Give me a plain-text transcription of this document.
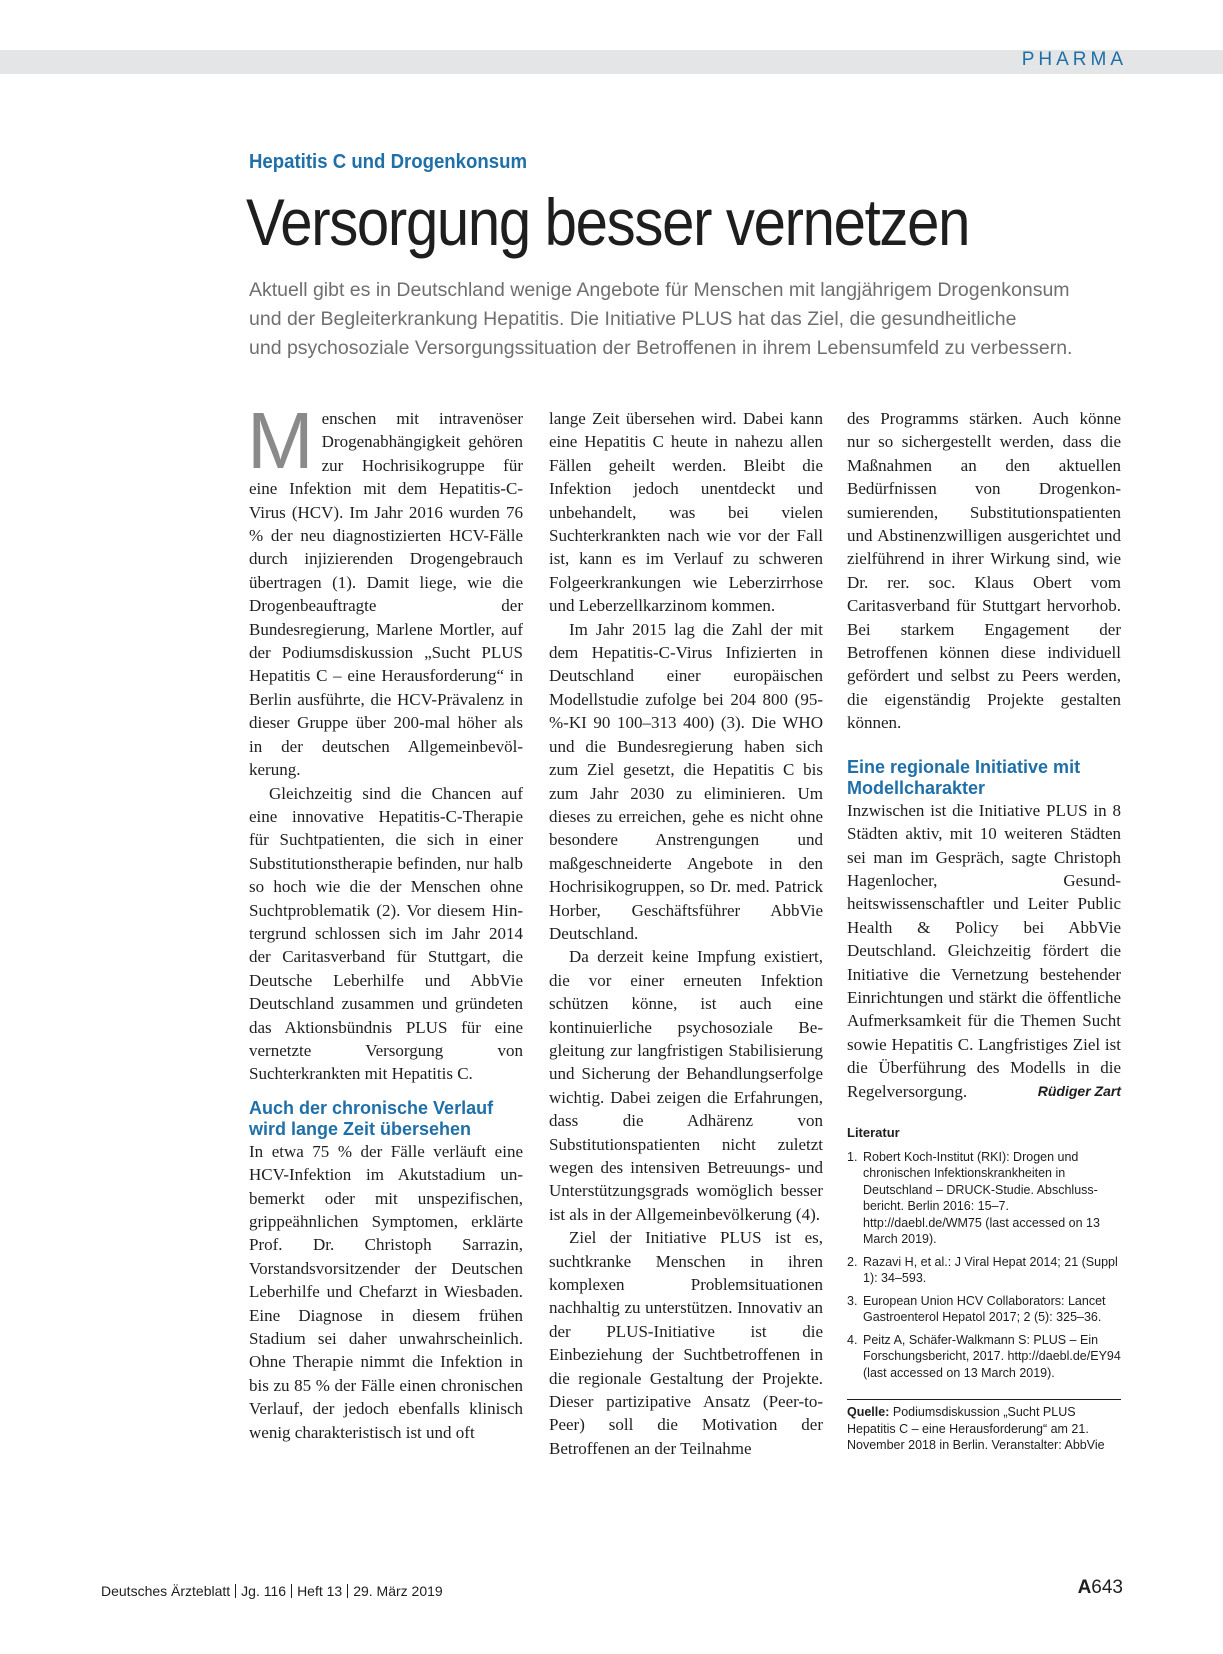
PHARMA
Hepatitis C und Drogenkonsum
Versorgung besser vernetzen
Aktuell gibt es in Deutschland wenige Angebote für Menschen mit langjährigem Drogenkonsum
und der Begleiterkrankung Hepatitis. Die Initiative PLUS hat das Ziel, die gesundheitliche
und psychosoziale Versorgungssituation der Betroffenen in ihrem Lebensumfeld zu verbessern.

Menschen mit intravenöser Drogenabhängigkeit gehören zur Hochrisikogruppe für eine Infektion mit dem Hepatitis-C-Virus (HCV). Im Jahr 2016 wurden 76 % der neu diagnostizierten HCV-Fälle durch injizierenden Drogengebrauch übertragen (1). Damit liege, wie die Drogenbeauftragte der Bundesregierung, Marlene Mortler, auf der Podiumsdiskussion „Sucht PLUS Hepatitis C – eine Herausforderung“ in Berlin ausführte, die HCV-Prävalenz in dieser Gruppe über 200-mal höher als in der deutschen Allgemeinbevölkerung.

Gleichzeitig sind die Chancen auf eine innovative Hepatitis-C-Therapie für Suchtpatienten, die sich in einer Substitutionstherapie befinden, nur halb so hoch wie die der Menschen ohne Suchtproblematik (2). Vor diesem Hintergrund schlossen sich im Jahr 2014 der Caritasverband für Stuttgart, die Deutsche Leberhilfe und AbbVie Deutschland zusammen und gründeten das Aktionsbündnis PLUS für eine vernetzte Versorgung von Suchterkrankten mit Hepatitis C.

Auch der chronische Verlauf wird lange Zeit übersehen

In etwa 75 % der Fälle verläuft eine HCV-Infektion im Akutstadium unbemerkt oder mit unspezifischen, grippeähnlichen Symptomen, erklärte Prof. Dr. Christoph Sarrazin, Vorstandsvorsitzender der Deutschen Leberhilfe und Chefarzt in Wiesbaden. Eine Diagnose in diesem frühen Stadium sei daher unwahrscheinlich. Ohne Therapie nimmt die Infektion in bis zu 85 % der Fälle einen chronischen Verlauf, der jedoch ebenfalls klinisch wenig charakteristisch ist und oft

lange Zeit übersehen wird. Dabei kann eine Hepatitis C heute in nahezu allen Fällen geheilt werden. Bleibt die Infektion jedoch unentdeckt und unbehandelt, was bei vielen Suchterkrankten nach wie vor der Fall ist, kann es im Verlauf zu schweren Folgeerkrankungen wie Leberzirrhose und Leberzellkarzinom kommen.

Im Jahr 2015 lag die Zahl der mit dem Hepatitis-C-Virus Infizierten in Deutschland einer europäischen Modellstudie zufolge bei 204 800 (95-%-KI 90 100–313 400) (3). Die WHO und die Bundesregierung haben sich zum Ziel gesetzt, die Hepatitis C bis zum Jahr 2030 zu eliminieren. Um dieses zu erreichen, gehe es nicht ohne besondere Anstrengungen und maßgeschneiderte Angebote in den Hochrisikogruppen, so Dr. med. Patrick Horber, Geschäftsführer AbbVie Deutschland.

Da derzeit keine Impfung existiert, die vor einer erneuten Infektion schützen könne, ist auch eine kontinuierliche psychosoziale Begleitung zur langfristigen Stabilisierung und Sicherung der Behandlungserfolge wichtig. Dabei zeigen die Erfahrungen, dass die Adhärenz von Substitutionspatienten nicht zuletzt wegen des intensiven Betreuungs- und Unterstützungsgrads womöglich besser ist als in der Allgemeinbevölkerung (4).

Ziel der Initiative PLUS ist es, suchtkranke Menschen in ihren komplexen Problemsituationen nachhaltig zu unterstützen. Innovativ an der PLUS-Initiative ist die Einbeziehung der Suchtbetroffenen in die regionale Gestaltung der Projekte. Dieser partizipative Ansatz (Peer-to-Peer) soll die Motivation der Betroffenen an der Teilnahme

des Programms stärken. Auch könne nur so sichergestellt werden, dass die Maßnahmen an den aktuellen Bedürfnissen von Drogenkonsumierenden, Substitutionspatienten und Abstinenzwilligen ausgerichtet und zielführend in ihrer Wirkung sind, wie Dr. rer. soc. Klaus Obert vom Caritasverband für Stuttgart hervorhob. Bei starkem Engagement der Betroffenen können diese individuell gefördert und selbst zu Peers werden, die eigenständig Projekte gestalten können.

Eine regionale Initiative mit Modellcharakter

Inzwischen ist die Initiative PLUS in 8 Städten aktiv, mit 10 weiteren Städten sei man im Gespräch, sagte Christoph Hagenlocher, Gesundheitswissenschaftler und Leiter Public Health & Policy bei AbbVie Deutschland. Gleichzeitig fördert die Initiative die Vernetzung bestehender Einrichtungen und stärkt die öffentliche Aufmerksamkeit für die Themen Sucht sowie Hepatitis C. Langfristiges Ziel ist die Überführung des Modells in die Regelversorgung.	Rüdiger Zart

Literatur
1. Robert Koch-Institut (RKI): Drogen und chronischen Infektionskrankheiten in Deutschland – DRUCK-Studie. Abschlussbericht. Berlin 2016: 15–7. http://daebl.de/WM75 (last accessed on 13 March 2019).
2. Razavi H, et al.: J Viral Hepat 2014; 21 (Suppl 1): 34–593.
3. European Union HCV Collaborators: Lancet Gastroenterol Hepatol 2017; 2 (5): 325–36.
4. Peitz A, Schäfer-Walkmann S: PLUS – Ein Forschungsbericht, 2017. http://daebl.de/EY94 (last accessed on 13 March 2019).
Quelle: Podiumsdiskussion „Sucht PLUS Hepatitis C – eine Herausforderung“ am 21. November 2018 in Berlin. Veranstalter: AbbVie
Deutsches Ärzteblatt Jg. 116 Heft 13 29. März 2019	A643
